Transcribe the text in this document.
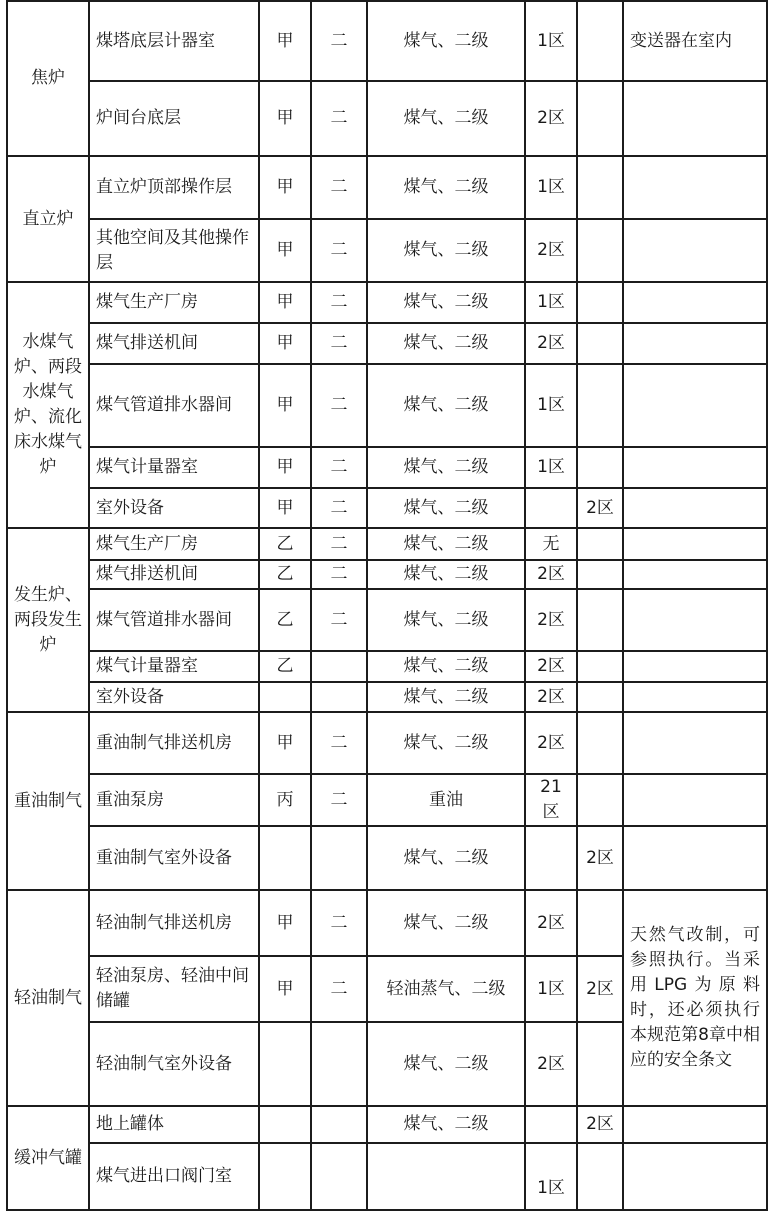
焦炉	煤塔底层计器室	甲	二	煤气、二级	1区		变送器在室内
	炉间台底层	甲	二	煤气、二级	2区		
直立炉	直立炉顶部操作层	甲	二	煤气、二级	1区		
	其他空间及其他操作层	甲	二	煤气、二级	2区		
水煤气炉、两段水煤气炉、流化床水煤气炉	煤气生产厂房	甲	二	煤气、二级	1区		
	煤气排送机间	甲	二	煤气、二级	2区		
	煤气管道排水器间	甲	二	煤气、二级	1区		
	煤气计量器室	甲	二	煤气、二级	1区		
	室外设备	甲	二	煤气、二级		2区	
发生炉、两段发生炉	煤气生产厂房	乙	二	煤气、二级	无		
	煤气排送机间	乙	二	煤气、二级	2区		
	煤气管道排水器间	乙	二	煤气、二级	2区		
	煤气计量器室	乙		煤气、二级	2区		
	室外设备			煤气、二级	2区		
重油制气	重油制气排送机房	甲	二	煤气、二级	2区		
	重油泵房	丙	二	重油	21区		
	重油制气室外设备			煤气、二级		2区	
轻油制气	轻油制气排送机房	甲	二	煤气、二级	2区		天然气改制，可参照执行。当采用LPG为原料时，还必须执行本规范第8章中相应的安全条文
	轻油泵房、轻油中间储罐	甲	二	轻油蒸气、二级	1区	2区	
	轻油制气室外设备			煤气、二级	2区		
缓冲气罐	地上罐体			煤气、二级		2区	
	煤气进出口阀门室				1区		
